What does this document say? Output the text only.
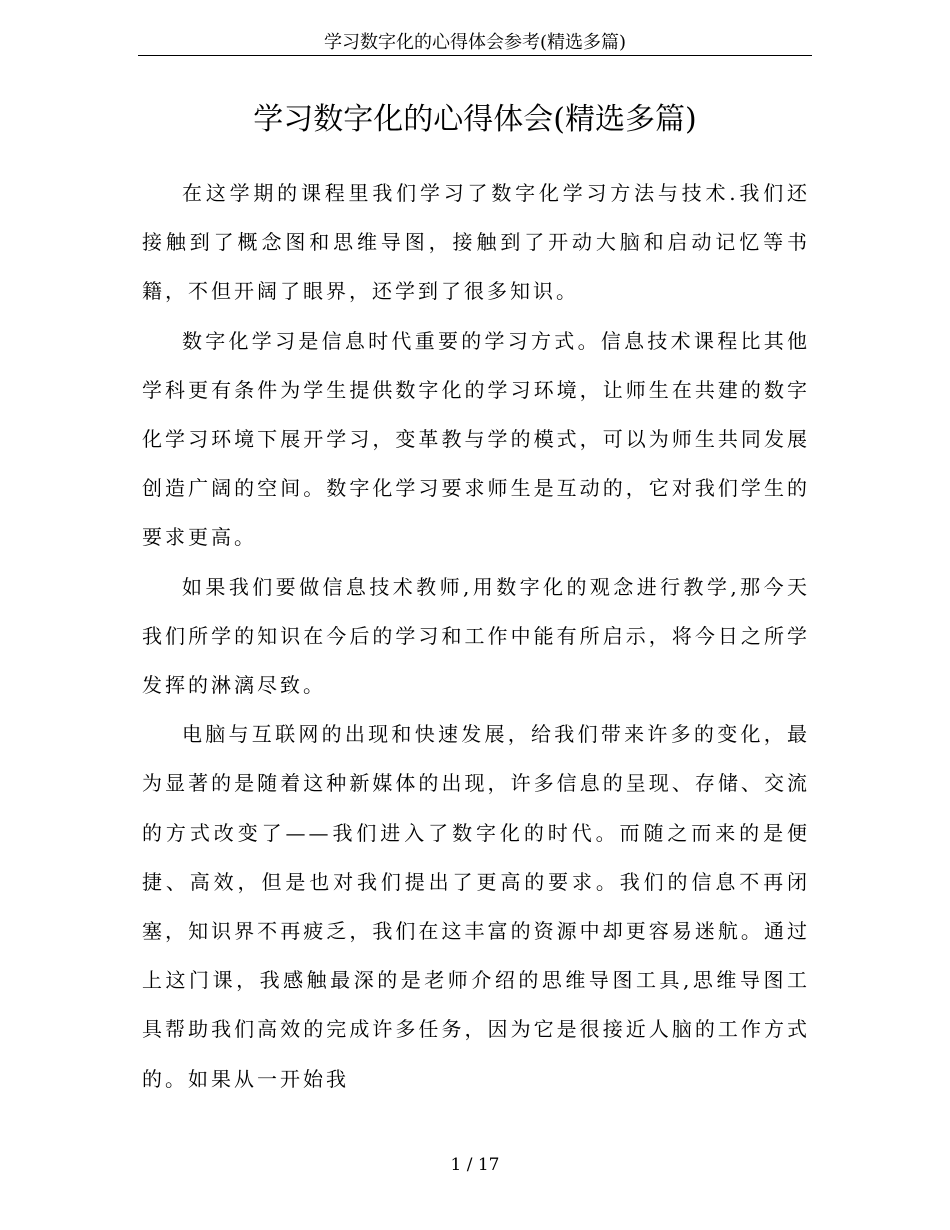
学习数字化的心得体会参考(精选多篇)
学习数字化的心得体会(精选多篇)

在这学期的课程里我们学习了数字化学习方法与技术.我们还接触到了概念图和思维导图，接触到了开动大脑和启动记忆等书籍，不但开阔了眼界，还学到了很多知识。

数字化学习是信息时代重要的学习方式。信息技术课程比其他学科更有条件为学生提供数字化的学习环境，让师生在共建的数字化学习环境下展开学习，变革教与学的模式，可以为师生共同发展创造广阔的空间。数字化学习要求师生是互动的，它对我们学生的要求更高。

如果我们要做信息技术教师,用数字化的观念进行教学,那今天我们所学的知识在今后的学习和工作中能有所启示，将今日之所学发挥的淋漓尽致。

电脑与互联网的出现和快速发展，给我们带来许多的变化，最为显著的是随着这种新媒体的出现，许多信息的呈现、存储、交流的方式改变了——我们进入了数字化的时代。而随之而来的是便捷、高效，但是也对我们提出了更高的要求。我们的信息不再闭塞，知识界不再疲乏，我们在这丰富的资源中却更容易迷航。通过上这门课，我感触最深的是老师介绍的思维导图工具,思维导图工具帮助我们高效的完成许多任务，因为它是很接近人脑的工作方式的。如果从一开始我

1 / 17
